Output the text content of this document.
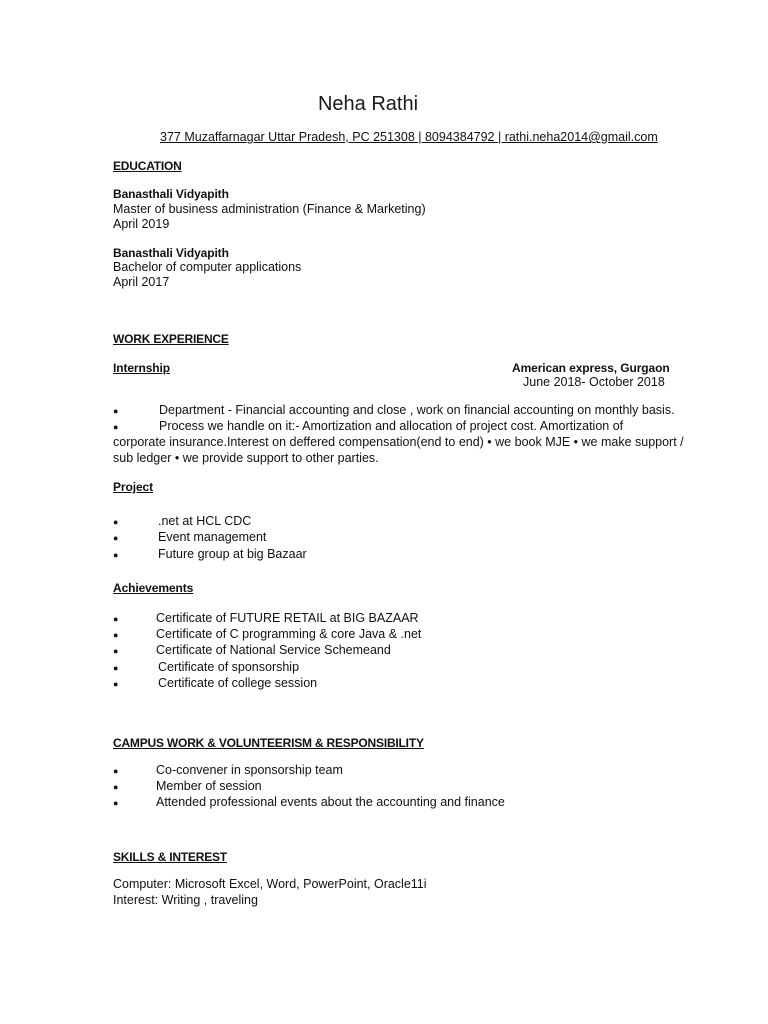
Neha Rathi
377 Muzaffarnagar Uttar Pradesh, PC 251308 | 8094384792 | rathi.neha2014@gmail.com
EDUCATION
Banasthali Vidyapith
Master of business administration (Finance & Marketing)
April 2019
Banasthali Vidyapith
Bachelor of computer applications
April 2017
WORK EXPERIENCE
Internship	American express, Gurgaon
June 2018- October 2018
●	Department - Financial accounting and close , work on financial accounting on monthly basis.
●	Process we handle on it:- Amortization and allocation of project cost. Amortization of
corporate insurance.Interest on deffered compensation(end to end) • we book MJE • we make support / sub ledger • we provide support to other parties.
Project
●	.net at HCL CDC
●	Event management
●	Future group at big Bazaar
Achievements
●	Certificate of FUTURE RETAIL at BIG BAZAAR
●	Certificate of C programming & core Java & .net
●	Certificate of National Service Schemeand
●	Certificate of sponsorship
●	Certificate of college session
CAMPUS WORK & VOLUNTEERISM & RESPONSIBILITY
●	Co-convener in sponsorship team
●	Member of session
●	Attended professional events about the accounting and finance
SKILLS & INTEREST
Computer: Microsoft Excel, Word, PowerPoint, Oracle11i
Interest: Writing , traveling
